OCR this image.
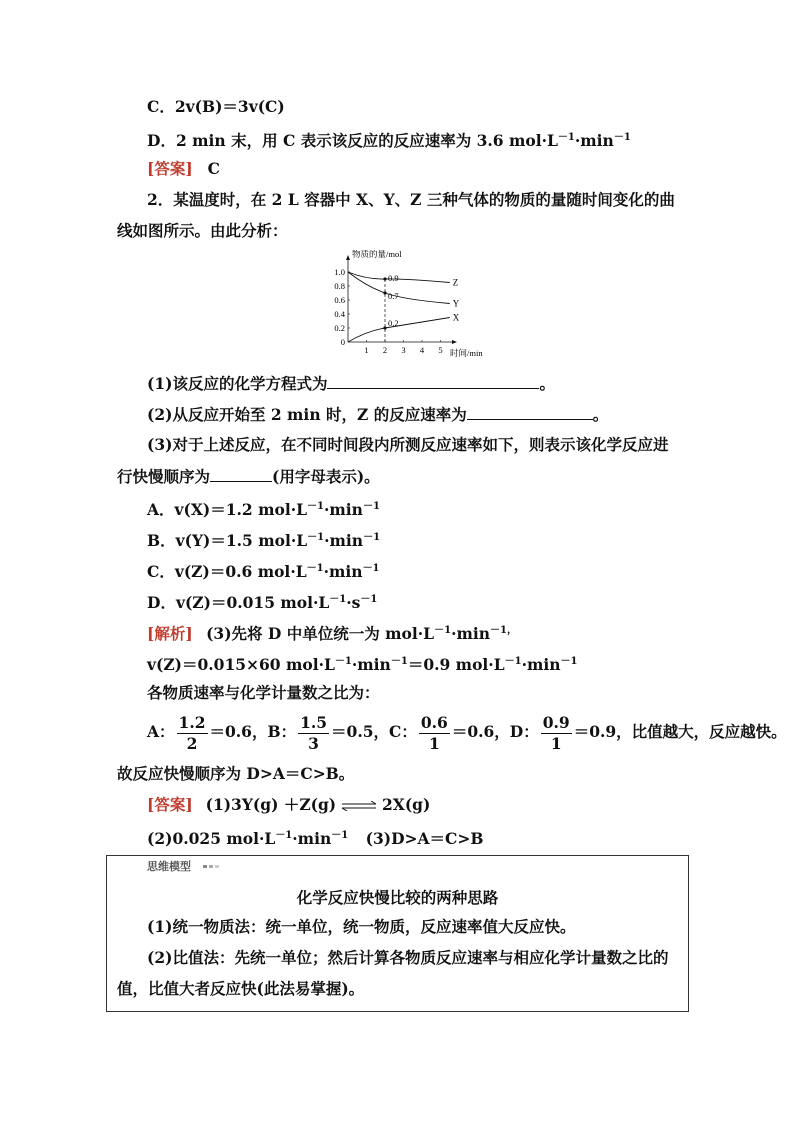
C．2v(B)＝3v(C)
D．2 min 末，用 C 表示该反应的反应速率为 3.6 $mol\cdot L^{-1}\cdot\min^{-1}$
[答案] C
2．某温度时，在 2 L 容器中 X、Y、Z 三种气体的物质的量随时间变化的曲
线如图所示。由此分析：
物质的量/mol
时间/min
0
0.2
0.4
0.6
0.8
1.0
1 2 3 4 5
Z
0.9
Y
0.7
X
0.2
(1)该反应的化学方程式为	。
(2)从反应开始至 2 min 时，Z 的反应速率为	。
(3)对于上述反应，在不同时间段内所测反应速率如下，则表示该化学反应进
行快慢顺序为	(用字母表示)。
A．v(X)＝1.2 $mol\cdot L^{-1}\cdot\min^{-1}$
B．v(Y)＝1.5 $mol\cdot L^{-1}\cdot\min^{-1}$
C．v(Z)＝0.6 $mol\cdot L^{-1}\cdot\min^{-1}$
D．v(Z)＝0.015 $mol\cdot L^{-1}\cdot s^{-1}$
[解析] (3)先将 D 中单位统一为 $mol\cdot L^{-1}\cdot\min^{-1,}$
v(Z)＝0.015×60 $mol\cdot L^{-1}\cdot\min^{-1}=0.9$ $mol\cdot L^{-1}\cdot\min^{-1}$
各物质速率与化学计量数之比为：
A： $\frac{1.2}{2} =0.6$，B： $\frac{1.5}{3} =0.5$，C： $\frac{0.6}{1} =0.6$，D： $\frac{0.9}{1} =0.9$，比值越大，反应越快。
故反应快慢顺序为 D>A＝C>B。
[答案] (1)3Y(g) ＋Z(g) ⇌ 2X(g)
(2)0.025 $mol\cdot L^{-1}\cdot\min^{-1}$ (3)D>A＝C>B
思维模型
化学反应快慢比较的两种思路
(1)统一物质法：统一单位，统一物质，反应速率值大反应快。
(2)比值法：先统一单位；然后计算各物质反应速率与相应化学计量数之比的
值，比值大者反应快(此法易掌握)。
